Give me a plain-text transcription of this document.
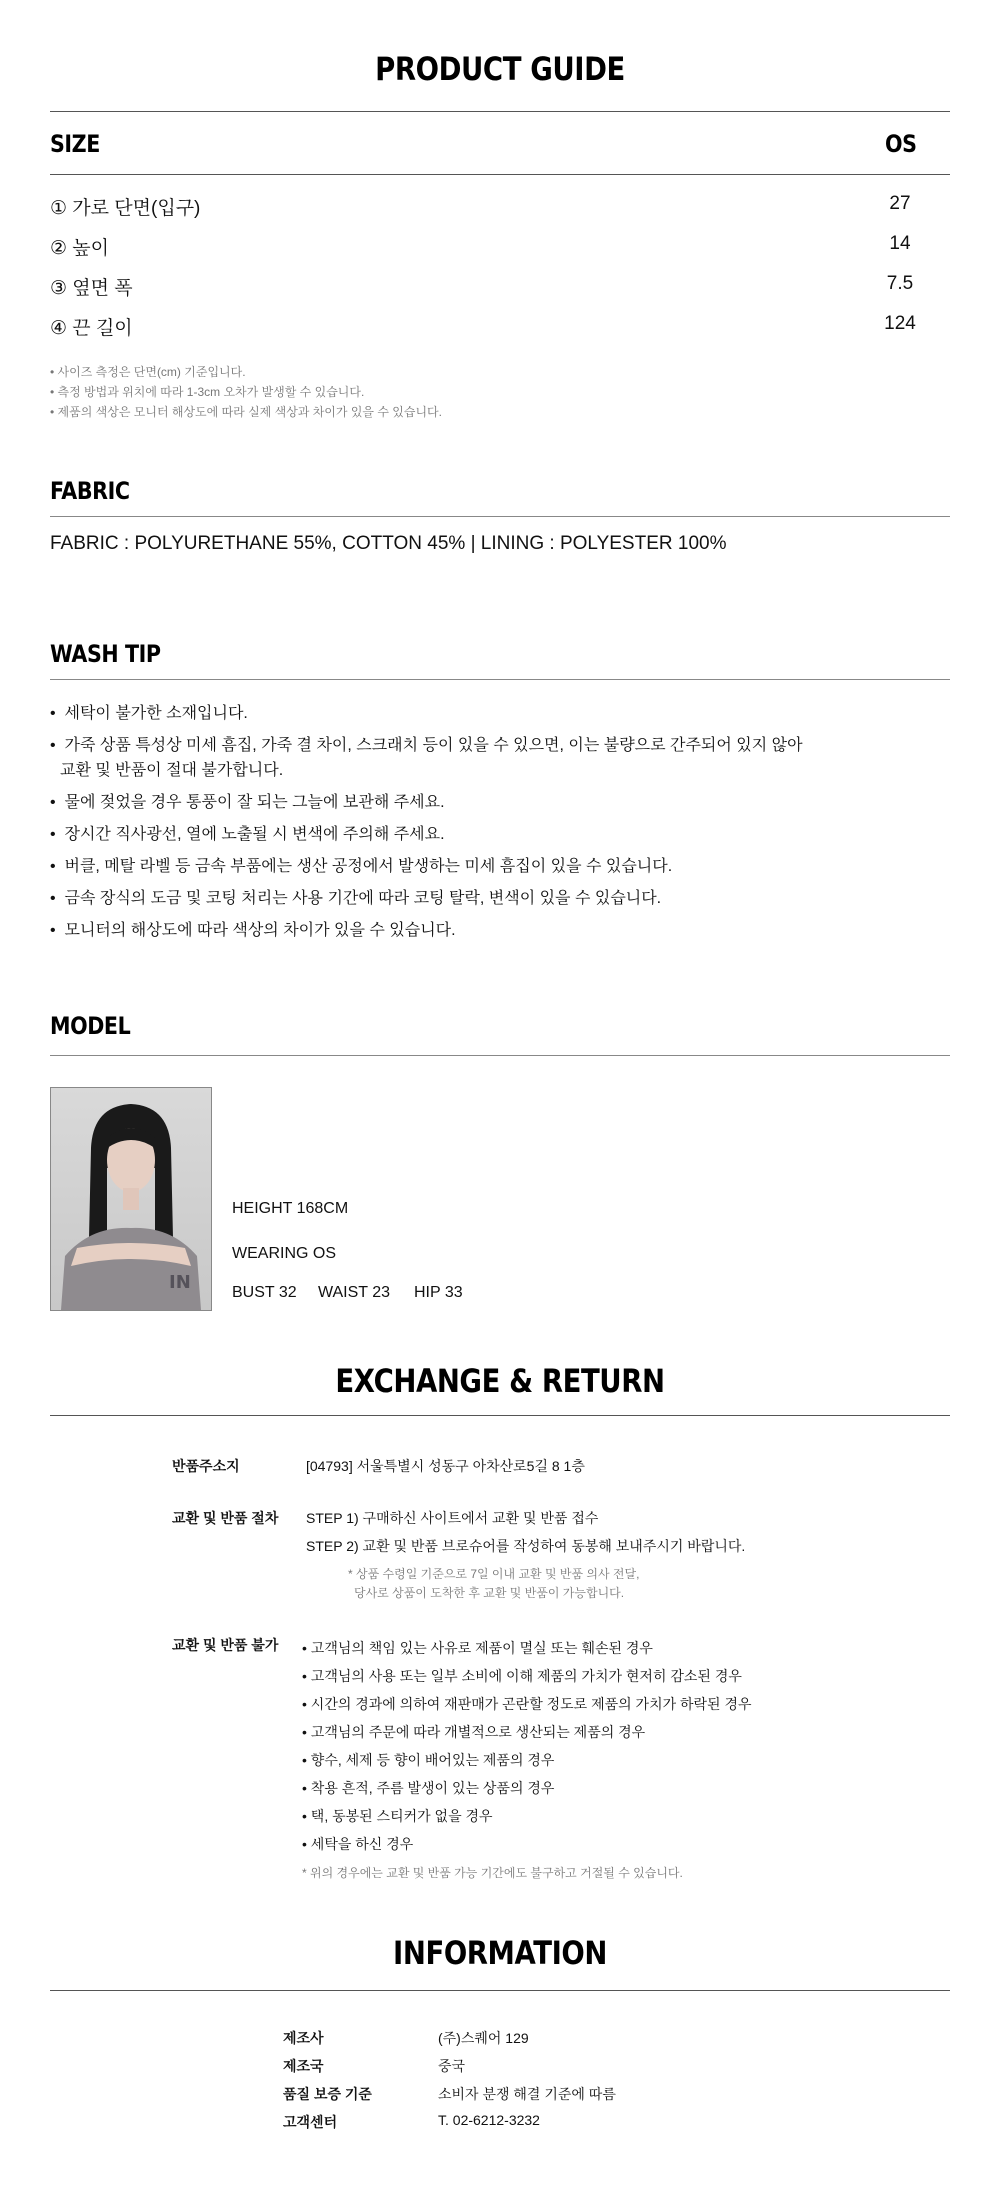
PRODUCT GUIDE
SIZE	OS
① 가로 단면(입구)	27
② 높이	14
③ 옆면 폭	7.5
④ 끈 길이	124
• 사이즈 측정은 단면(cm) 기준입니다.
• 측정 방법과 위치에 따라 1-3cm 오차가 발생할 수 있습니다.
• 제품의 색상은 모니터 해상도에 따라 실제 색상과 차이가 있을 수 있습니다.
FABRIC
FABRIC : POLYURETHANE 55%, COTTON 45% | LINING : POLYESTER 100%
WASH TIP
•  세탁이 불가한 소재입니다.
•  가죽 상품 특성상 미세 흠집, 가죽 결 차이, 스크래치 등이 있을 수 있으면, 이는 불량으로 간주되어 있지 않아
교환 및 반품이 절대 불가합니다.
•  물에 젖었을 경우 통풍이 잘 되는 그늘에 보관해 주세요.
•  장시간 직사광선, 열에 노출될 시 변색에 주의해 주세요.
•  버클, 메탈 라벨 등 금속 부품에는 생산 공정에서 발생하는 미세 흠집이 있을 수 있습니다.
•  금속 장식의 도금 및 코팅 처리는 사용 기간에 따라 코팅 탈락, 변색이 있을 수 있습니다.
•  모니터의 해상도에 따라 색상의 차이가 있을 수 있습니다.
MODEL
IN
HEIGHT 168CM
WEARING OS
BUST 32 WAIST 23 HIP 33
EXCHANGE & RETURN
반품주소지	[04793] 서울특별시 성동구 아차산로5길 8 1층
교환 및 반품 절차 STEP 1) 구매하신 사이트에서 교환 및 반품 접수
STEP 2) 교환 및 반품 브로슈어를 작성하여 동봉해 보내주시기 바랍니다.
* 상품 수령일 기준으로 7일 이내 교환 및 반품 의사 전달,
당사로 상품이 도착한 후 교환 및 반품이 가능합니다.
교환 및 반품 불가 • 고객님의 책임 있는 사유로 제품이 멸실 또는 훼손된 경우
• 고객님의 사용 또는 일부 소비에 이해 제품의 가치가 현저히 감소된 경우
• 시간의 경과에 의하여 재판매가 곤란할 정도로 제품의 가치가 하락된 경우
• 고객님의 주문에 따라 개별적으로 생산되는 제품의 경우
• 향수, 세제 등 향이 배어있는 제품의 경우
• 착용 흔적, 주름 발생이 있는 상품의 경우
• 택, 동봉된 스티커가 없을 경우
• 세탁을 하신 경우
* 위의 경우에는 교환 및 반품 가능 기간에도 불구하고 거절될 수 있습니다.
INFORMATION
제조사	(주)스퀘어 129
제조국	중국
품질 보증 기준	소비자 분쟁 해결 기준에 따름
고객센터	T. 02-6212-3232
